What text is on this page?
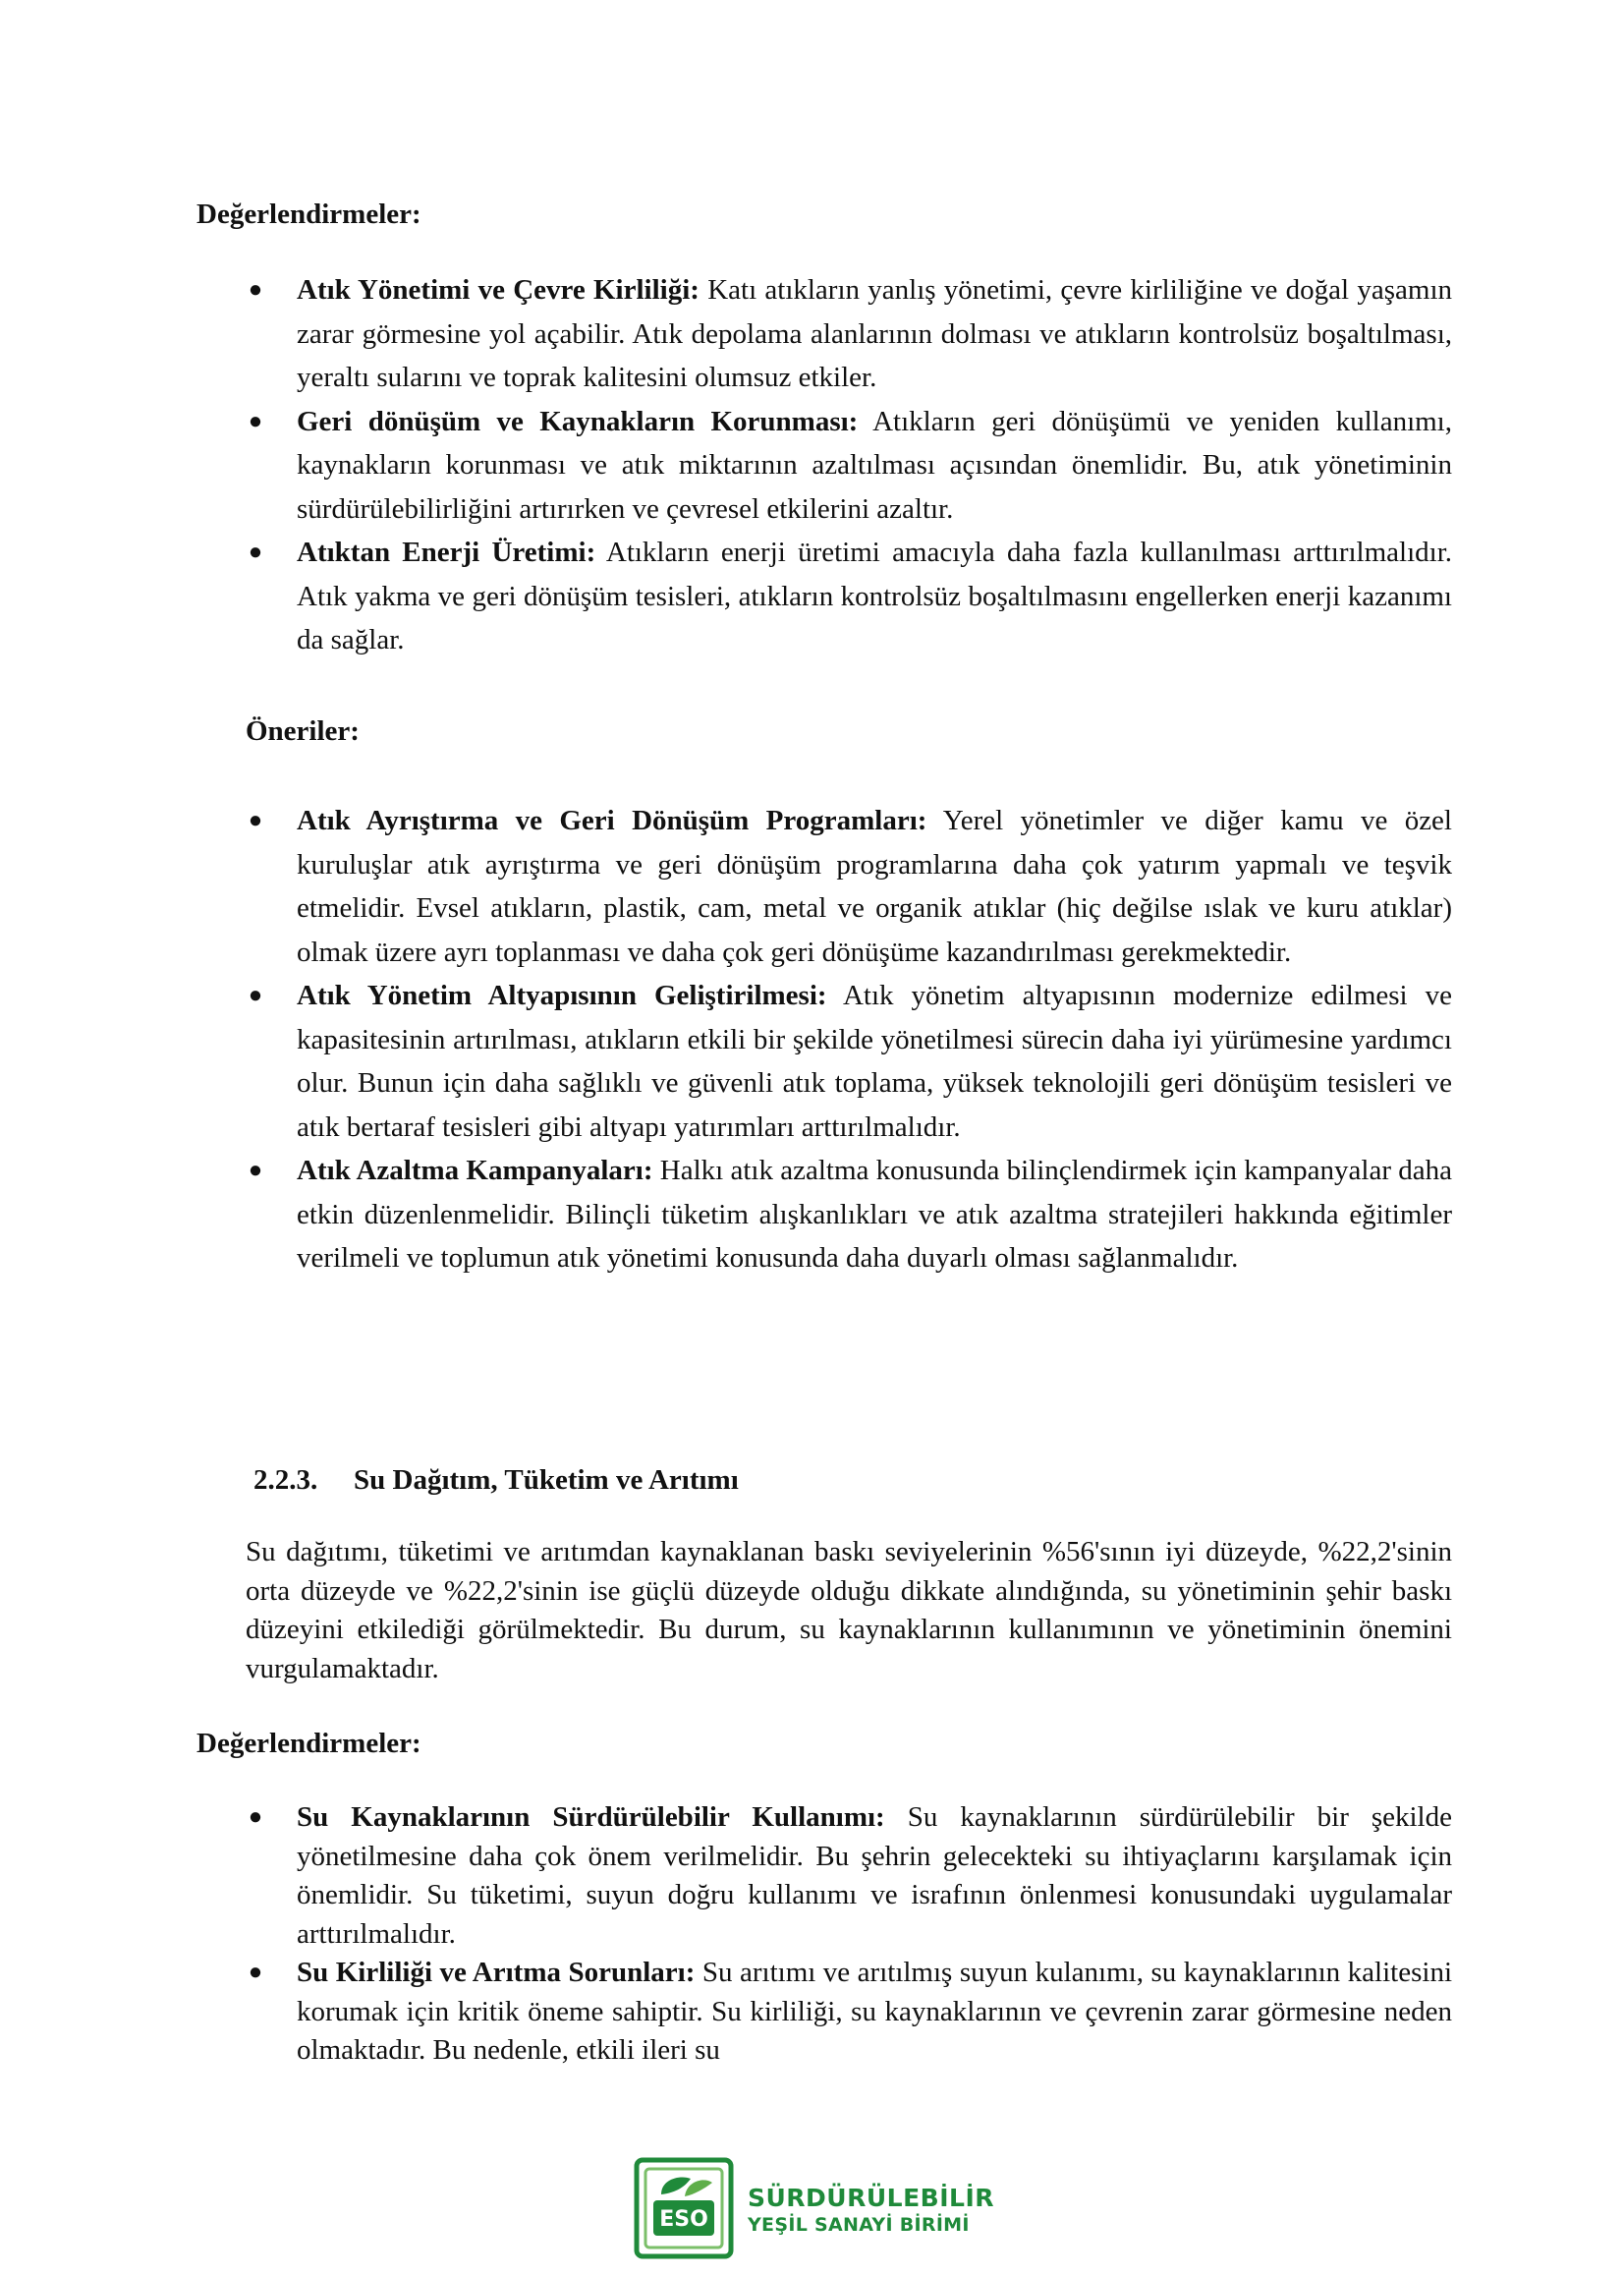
Değerlendirmeler:
● Atık Yönetimi ve Çevre Kirliliği: Katı atıkların yanlış yönetimi, çevre kirliliğine ve doğal yaşamın zarar görmesine yol açabilir. Atık depolama alanlarının dolması ve atıkların kontrolsüz boşaltılması, yeraltı sularını ve toprak kalitesini olumsuz etkiler.
● Geri dönüşüm ve Kaynakların Korunması: Atıkların geri dönüşümü ve yeniden kullanımı, kaynakların korunması ve atık miktarının azaltılması açısından önemlidir. Bu, atık yönetiminin sürdürülebilirliğini artırırken ve çevresel etkilerini azaltır.
● Atıktan Enerji Üretimi: Atıkların enerji üretimi amacıyla daha fazla kullanılması arttırılmalıdır. Atık yakma ve geri dönüşüm tesisleri, atıkların kontrolsüz boşaltılmasını engellerken enerji kazanımı da sağlar.
Öneriler:
● Atık Ayrıştırma ve Geri Dönüşüm Programları: Yerel yönetimler ve diğer kamu ve özel kuruluşlar atık ayrıştırma ve geri dönüşüm programlarına daha çok yatırım yapmalı ve teşvik etmelidir. Evsel atıkların, plastik, cam, metal ve organik atıklar (hiç değilse ıslak ve kuru atıklar) olmak üzere ayrı toplanması ve daha çok geri dönüşüme kazandırılması gerekmektedir.
● Atık Yönetim Altyapısının Geliştirilmesi: Atık yönetim altyapısının modernize edilmesi ve kapasitesinin artırılması, atıkların etkili bir şekilde yönetilmesi sürecin daha iyi yürümesine yardımcı olur. Bunun için daha sağlıklı ve güvenli atık toplama, yüksek teknolojili geri dönüşüm tesisleri ve atık bertaraf tesisleri gibi altyapı yatırımları arttırılmalıdır.
● Atık Azaltma Kampanyaları: Halkı atık azaltma konusunda bilinçlendirmek için kampanyalar daha etkin düzenlenmelidir. Bilinçli tüketim alışkanlıkları ve atık azaltma stratejileri hakkında eğitimler verilmeli ve toplumun atık yönetimi konusunda daha duyarlı olması sağlanmalıdır.
2.2.3. Su Dağıtım, Tüketim ve Arıtımı

Su dağıtımı, tüketimi ve arıtımdan kaynaklanan baskı seviyelerinin %56'sının iyi düzeyde, %22,2'sinin orta düzeyde ve %22,2'sinin ise güçlü düzeyde olduğu dikkate alındığında, su yönetiminin şehir baskı düzeyini etkilediği görülmektedir. Bu durum, su kaynaklarının kullanımının ve yönetiminin önemini vurgulamaktadır.

Değerlendirmeler:
● Su Kaynaklarının Sürdürülebilir Kullanımı: Su kaynaklarının sürdürülebilir bir şekilde yönetilmesine daha çok önem verilmelidir. Bu şehrin gelecekteki su ihtiyaçlarını karşılamak için önemlidir. Su tüketimi, suyun doğru kullanımı ve israfının önlenmesi konusundaki uygulamalar arttırılmalıdır.
● Su Kirliliği ve Arıtma Sorunları: Su arıtımı ve arıtılmış suyun kulanımı, su kaynaklarının kalitesini korumak için kritik öneme sahiptir. Su kirliliği, su kaynaklarının ve çevrenin zarar görmesine neden olmaktadır. Bu nedenle, etkili ileri su
ESO
SÜRDÜRÜLEBİLİR
YEŞİL SANAYİ BİRİMİ
